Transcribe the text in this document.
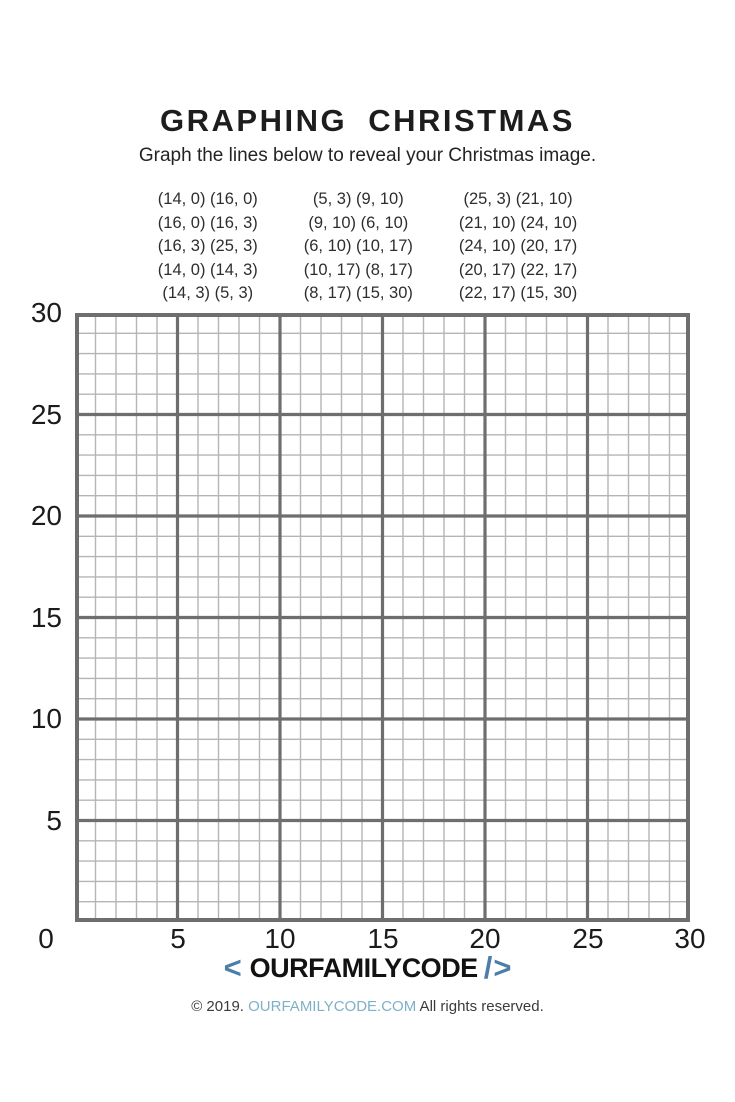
GRAPHING CHRISTMAS

Graph the lines below to reveal your Christmas image.

(14, 0) (16, 0)
(16, 0) (16, 3)
(16, 3) (25, 3)
(14, 0) (14, 3)
(14, 3) (5, 3)
(5, 3) (9, 10)
(9, 10) (6, 10)
(6, 10) (10, 17)
(10, 17) (8, 17)
(8, 17) (15, 30)
(25, 3) (21, 10)
(21, 10) (24, 10)
(24, 10) (20, 17)
(20, 17) (22, 17)
(22, 17) (15, 30)
30
25
20
15
10
5
0	5	10	15	20	25	30
< OURFAMILYCODE / >

© 2019. OURFAMILYCODE.COM All rights reserved.
